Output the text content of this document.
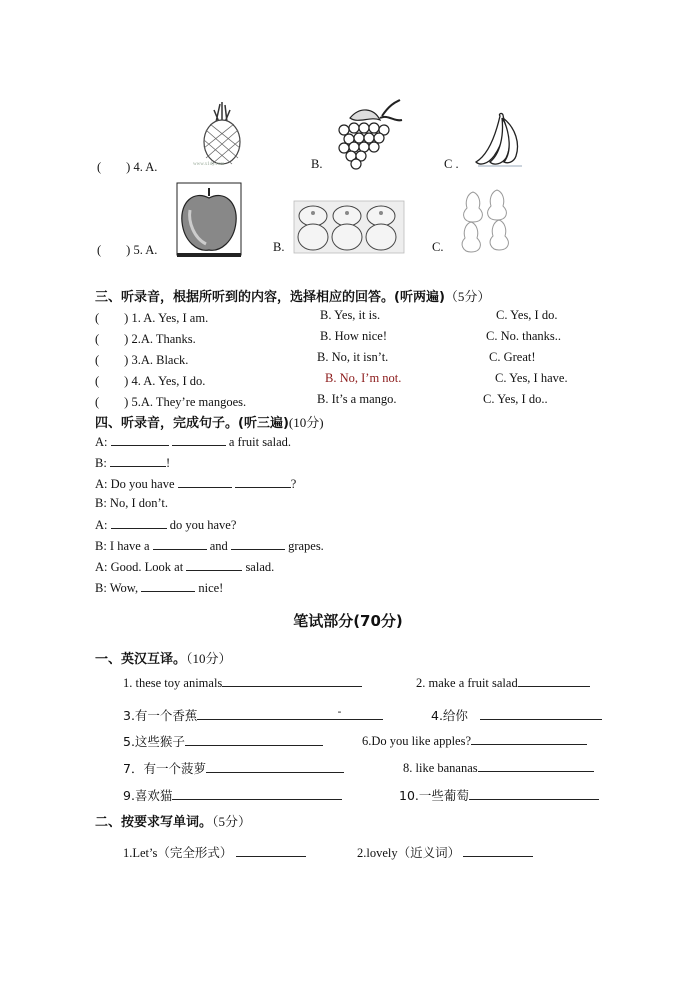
(　　) 4. A.	www.x1dy.com	B.	C .
(　　) 5. A.	B.	C.
三、听录音，根据所听到的内容，选择相应的回答。(听两遍)（5分）
(　　) 1. A. Yes, I am.	B. Yes, it is.	C. Yes, I do.
(　　) 2.A. Thanks.	B. How nice!	C. No. thanks..
(　　) 3.A. Black.	B. No, it isn’t.	C. Great!
(　　) 4. A. Yes, I do.	B. No, I’m not.	C. Yes, I have.
(　　) 5.A. They’re mangoes.	B. It’s a mango.	C. Yes, I do..
四、听录音，完成句子。(听三遍)(10分)
A:	a fruit salad.
B:	!
A: Do you have	?
B: No, I don’t.
A:	do you have?
B: I have a	and	grapes.
A: Good. Look at	salad.
B: Wow,	nice!
笔试部分(70分)
一、英汉互译。（10分）
1. these toy animals	2. make a fruit salad
3.有一个香蕉	-	4.给你　
5.这些猴子	6.Do you like apples?
7．有一个菠萝	8. like bananas
9.喜欢猫	10.一些葡萄
二、按要求写单词。（5分）
1.Let’s（完全形式）	2.lovely（近义词）
